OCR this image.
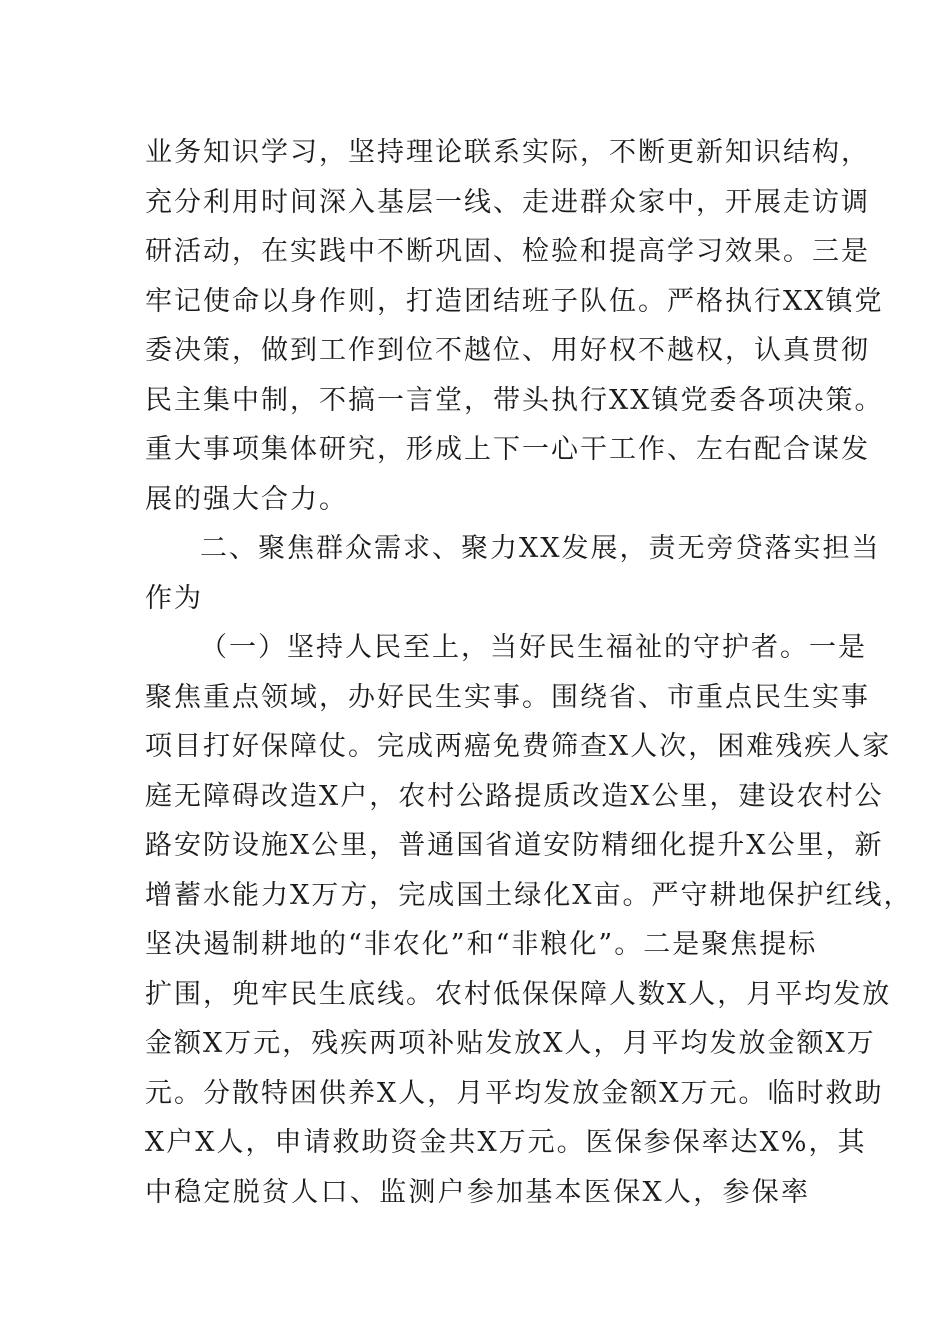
业务知识学习，坚持理论联系实际，不断更新知识结构，
充分利用时间深入基层一线、走进群众家中，开展走访调
研活动，在实践中不断巩固、检验和提高学习效果。三是
牢记使命以身作则，打造团结班子队伍。严格执行XX镇党
委决策，做到工作到位不越位、用好权不越权，认真贯彻
民主集中制，不搞一言堂，带头执行XX镇党委各项决策。
重大事项集体研究，形成上下一心干工作、左右配合谋发
展的强大合力。
二、聚焦群众需求、聚力XX发展，责无旁贷落实担当
作为
（一）坚持人民至上，当好民生福祉的守护者。一是
聚焦重点领域，办好民生实事。围绕省、市重点民生实事
项目打好保障仗。完成两癌免费筛查X人次，困难残疾人家
庭无障碍改造X户，农村公路提质改造X公里，建设农村公
路安防设施X公里，普通国省道安防精细化提升X公里，新
增蓄水能力X万方，完成国土绿化X亩。严守耕地保护红线，
坚决遏制耕地的“非农化”和“非粮化”。二是聚焦提标
扩围，兜牢民生底线。农村低保保障人数X人，月平均发放
金额X万元，残疾两项补贴发放X人，月平均发放金额X万
元。分散特困供养X人，月平均发放金额X万元。临时救助
X户X人，申请救助资金共X万元。医保参保率达X%，其
中稳定脱贫人口、监测户参加基本医保X人，参保率
